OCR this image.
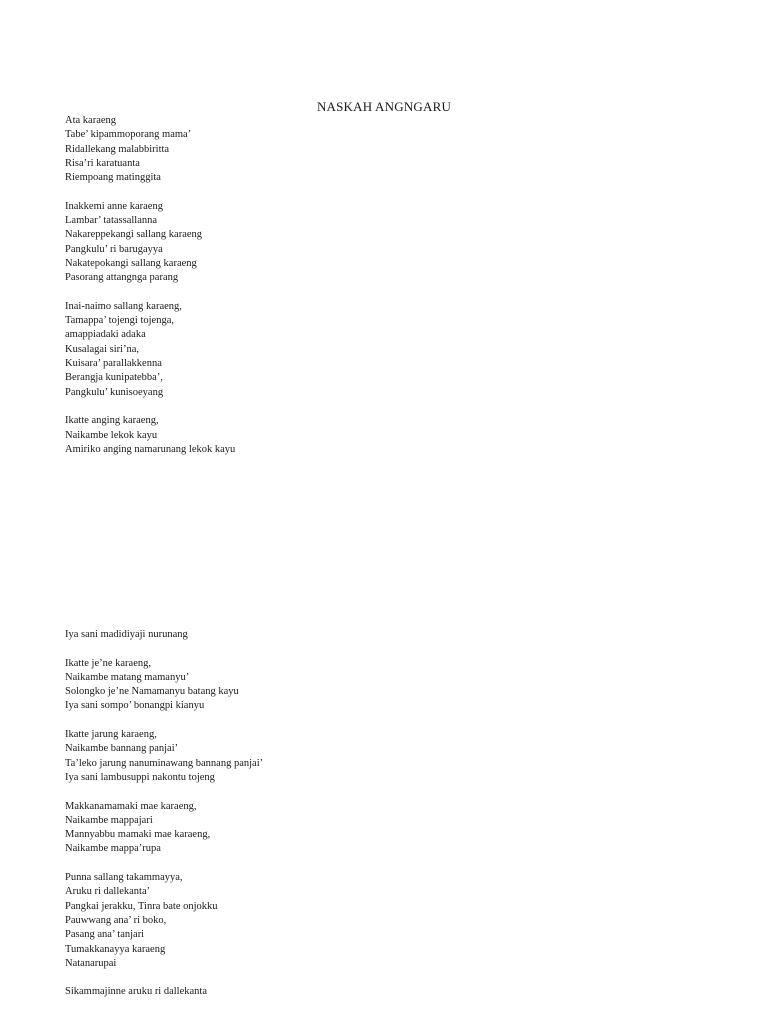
NASKAH ANGNGARU
Ata karaeng
Tabe’ kipammoporang mama’
Ridallekang malabbiritta
Risa’ri karatuanta
Riempoang matinggita
Inakkemi anne karaeng
Lambar’ tatassallanna
Nakareppekangi sallang karaeng
Pangkulu’ ri barugayya
Nakatepokangi sallang karaeng
Pasorang attangnga parang
Inai-naimo sallang karaeng,
Tamappa’ tojengi tojenga,
amappiadaki adaka
Kusalagai siri’na,
Kuisara’ parallakkenna
Berangja kunipatebba’,
Pangkulu’ kunisoeyang
Ikatte anging karaeng,
Naikambe lekok kayu
Amiriko anging namarunang lekok kayu
Iya sani madidiyaji nurunang
Ikatte je’ne karaeng,
Naikambe matang mamanyu’
Solongko je’ne Namamanyu batang kayu
Iya sani sompo’ bonangpi kianyu
Ikatte jarung karaeng,
Naikambe bannang panjai’
Ta’leko jarung nanuminawang bannang panjai’
Iya sani lambusuppi nakontu tojeng
Makkanamamaki mae karaeng,
Naikambe mappajari
Mannyabbu mamaki mae karaeng,
Naikambe mappa’rupa
Punna sallang takammayya,
Aruku ri dallekanta’
Pangkai jerakku, Tinra bate onjokku
Pauwwang ana’ ri boko,
Pasang ana’ tanjari
Tumakkanayya karaeng
Natanarupai
Sikammajinne aruku ri dallekanta
